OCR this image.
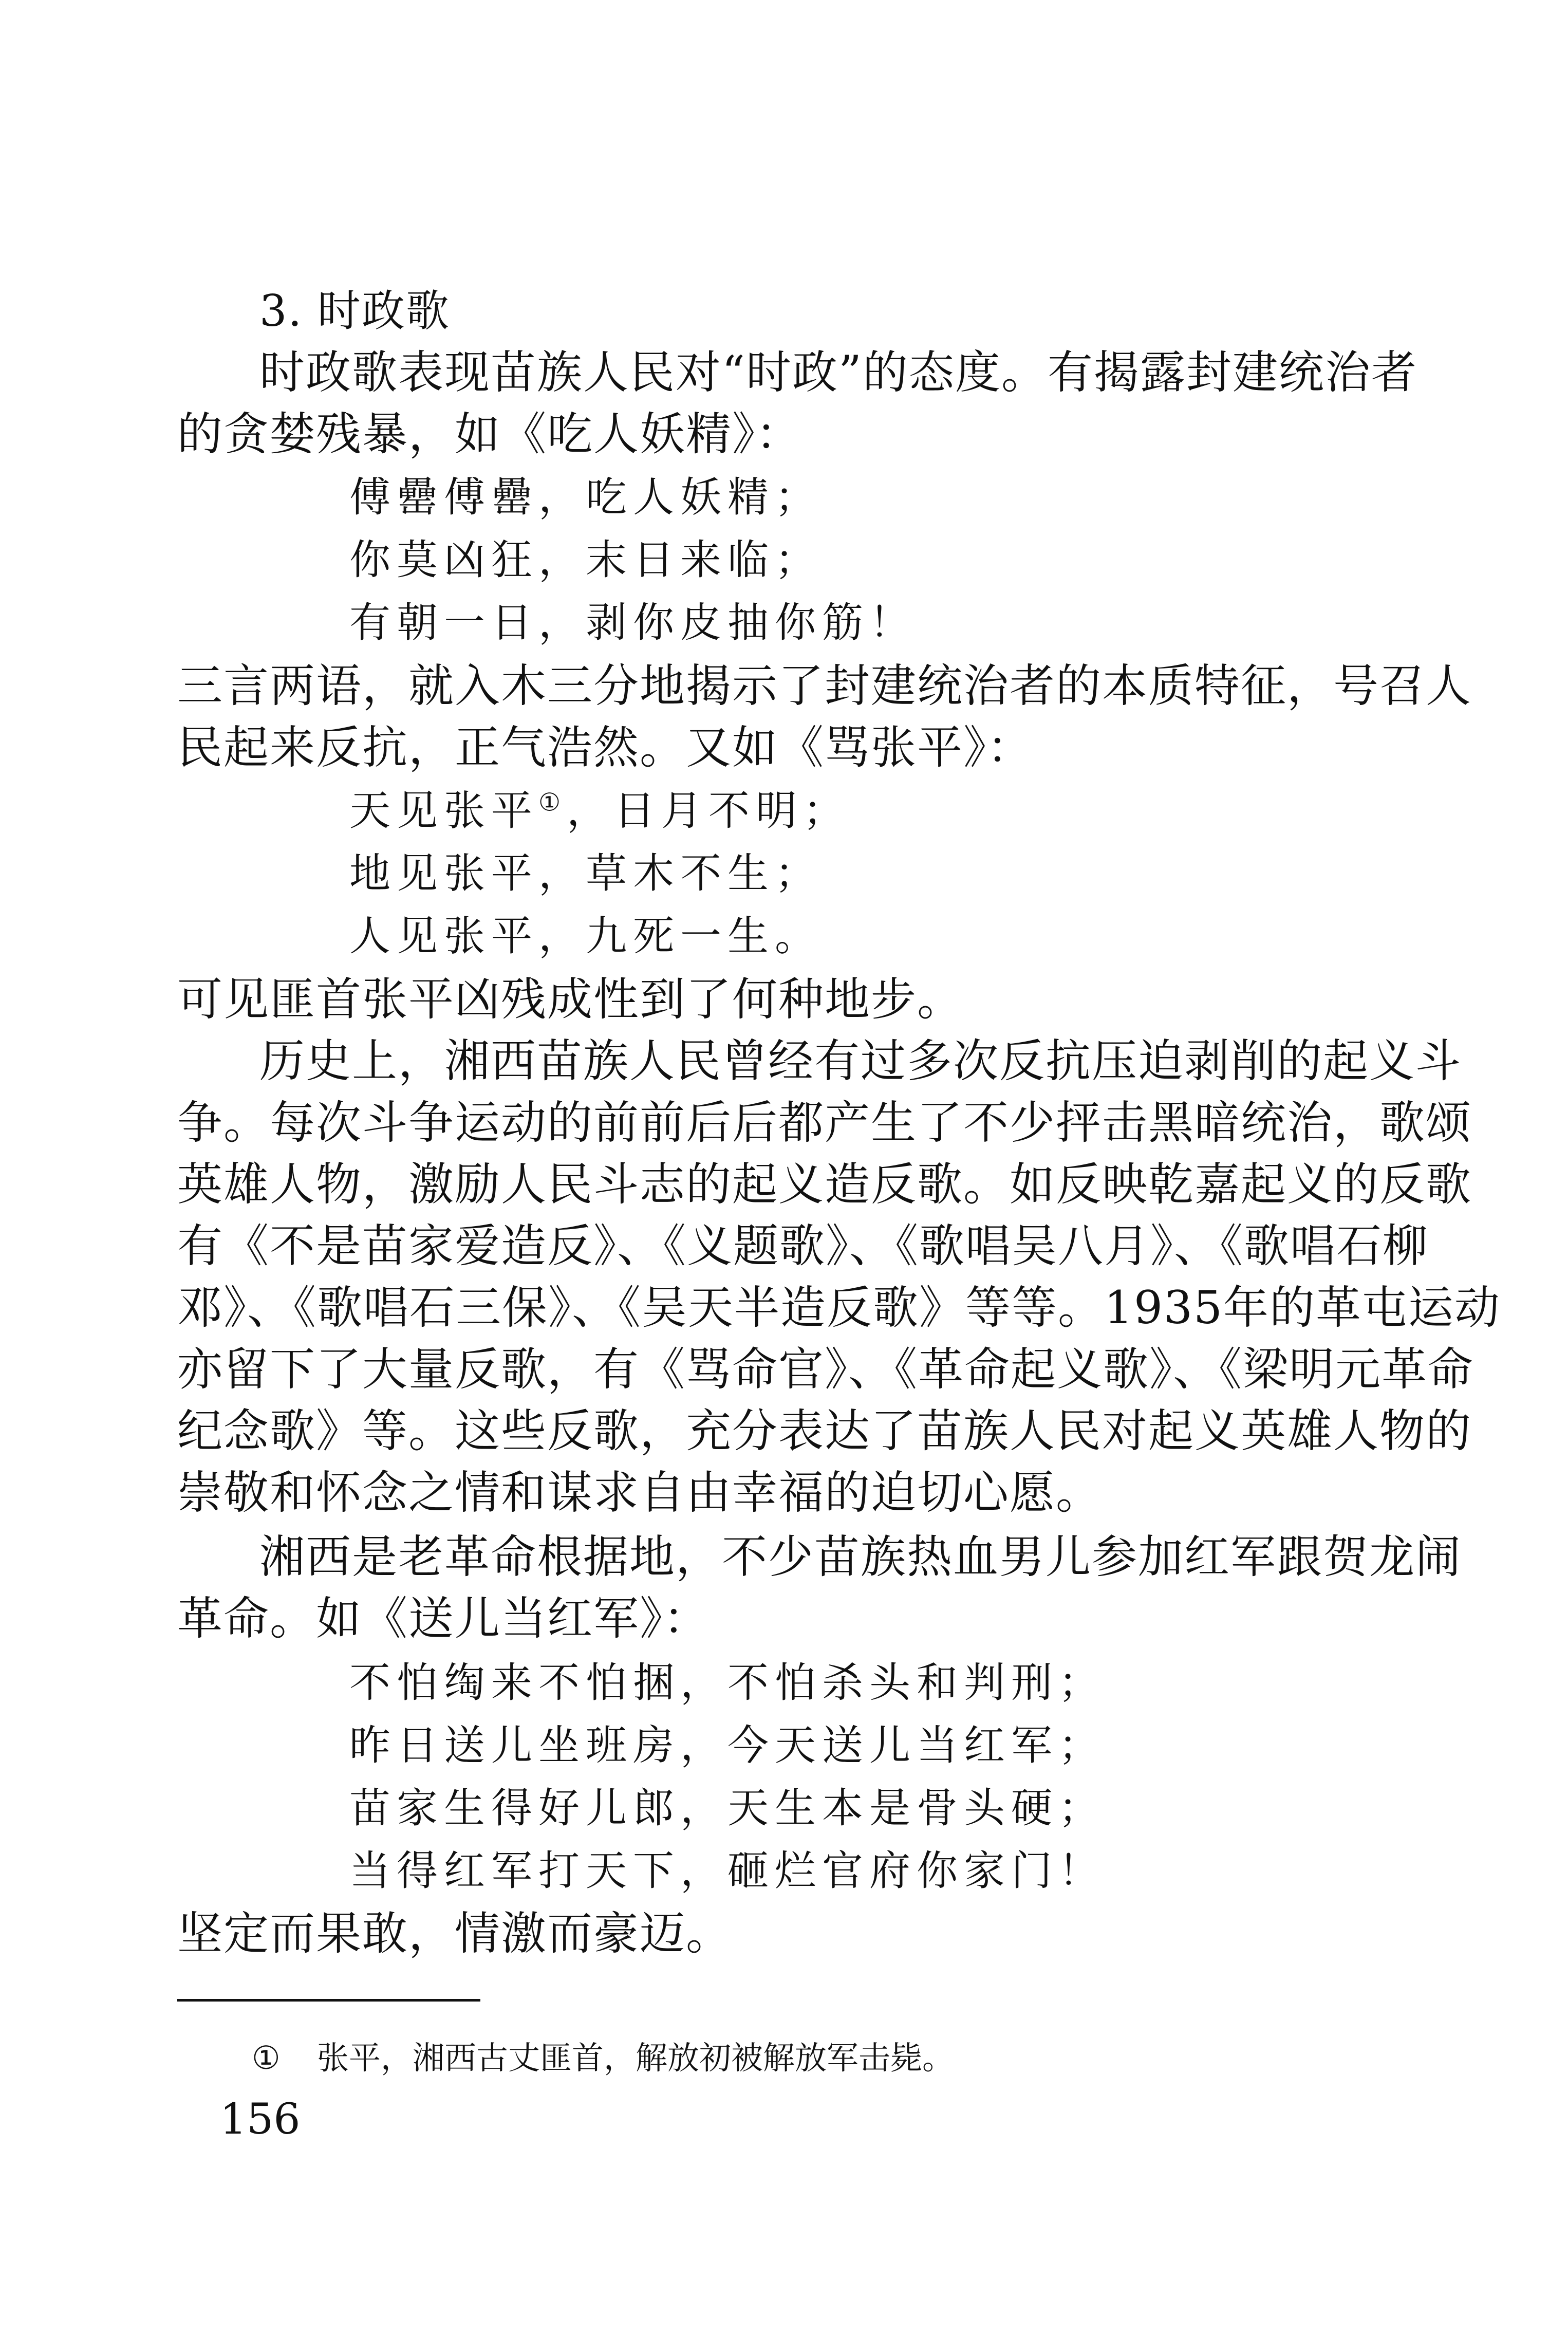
3. 时政歌
时政歌表现苗族人民对“时政”的态度。有揭露封建统治者
的贪婪残暴，如《吃人妖精》：
傅罍傅罍，吃人妖精；
你莫凶狂，末日来临；
有朝一日，剥你皮抽你筋！
三言两语，就入木三分地揭示了封建统治者的本质特征，号召人
民起来反抗，正气浩然。又如《骂张平》：
天见张平①，日月不明；
地见张平，草木不生；
人见张平，九死一生。
可见匪首张平凶残成性到了何种地步。
历史上，湘西苗族人民曾经有过多次反抗压迫剥削的起义斗
争。每次斗争运动的前前后后都产生了不少抨击黑暗统治，歌颂
英雄人物，激励人民斗志的起义造反歌。如反映乾嘉起义的反歌
有《不是苗家爱造反》、《义题歌》、《歌唱吴八月》、《歌唱石柳
邓》、《歌唱石三保》、《吴天半造反歌》等等。1935年的革屯运动
亦留下了大量反歌，有《骂命官》、《革命起义歌》、《梁明元革命
纪念歌》等。这些反歌，充分表达了苗族人民对起义英雄人物的
崇敬和怀念之情和谋求自由幸福的迫切心愿。
湘西是老革命根据地，不少苗族热血男儿参加红军跟贺龙闹
革命。如《送儿当红军》：
不怕绹来不怕捆，不怕杀头和判刑；
昨日送儿坐班房，今天送儿当红军；
苗家生得好儿郎，天生本是骨头硬；
当得红军打天下，砸烂官府你家门！
坚定而果敢，情激而豪迈。
① 张平，湘西古丈匪首，解放初被解放军击毙。
156
